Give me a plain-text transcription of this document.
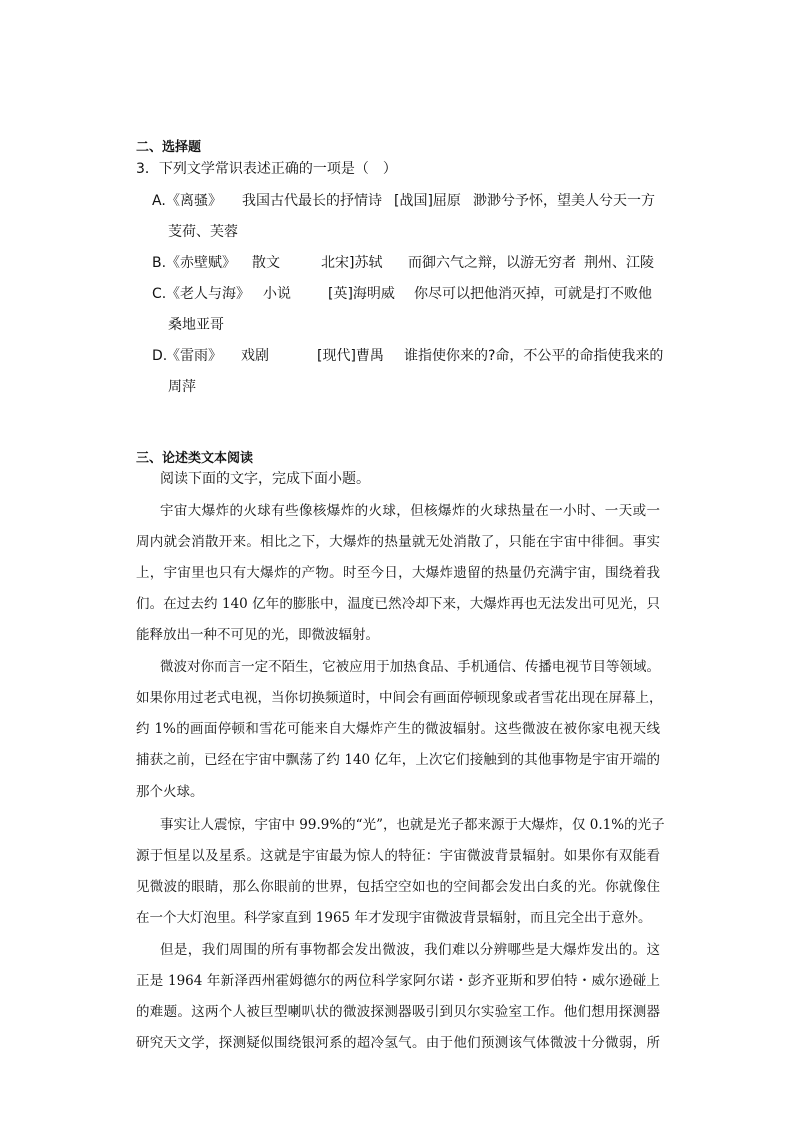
二、选择题
3．下列文学常识表述正确的一项是（　）
A. 《离骚》 我国古代最长的抒情诗 [战国]屈原 渺渺兮予怀，望美人兮天一方
芰荷、芙蓉
B. 《赤壁赋》 散文	北宋]苏轼 而御六气之辩，以游无穷者 荆州、江陵
C. 《老人与海》 小说	[英]海明威 你尽可以把他消灭掉，可就是打不败他
桑地亚哥
D.
《雷雨》 戏剧	[现代]曹禺 谁指使你来的?命，不公平的命指使我来的
周萍
三、论述类文本阅读
阅读下面的文字，完成下面小题。
宇宙大爆炸的火球有些像核爆炸的火球，但核爆炸的火球热量在一小时、一天或一
周内就会消散开来。相比之下，大爆炸的热量就无处消散了，只能在宇宙中徘徊。事实
上，宇宙里也只有大爆炸的产物。时至今日，大爆炸遗留的热量仍充满宇宙，围绕着我
们。在过去约 140 亿年的膨胀中，温度已然冷却下来，大爆炸再也无法发出可见光，只
能释放出一种不可见的光，即微波辐射。
微波对你而言一定不陌生，它被应用于加热食品、手机通信、传播电视节目等领域。
如果你用过老式电视，当你切换频道时，中间会有画面停顿现象或者雪花出现在屏幕上，
约 1%的画面停顿和雪花可能来自大爆炸产生的微波辐射。这些微波在被你家电视天线
捕获之前，已经在宇宙中飘荡了约 140 亿年，上次它们接触到的其他事物是宇宙开端的
那个火球。
事实让人震惊，宇宙中 99.9%的“光”，也就是光子都来源于大爆炸，仅 0.1%的光子
源于恒星以及星系。这就是宇宙最为惊人的特征：宇宙微波背景辐射。如果你有双能看
见微波的眼睛，那么你眼前的世界，包括空空如也的空间都会发出白炙的光。你就像住
在一个大灯泡里。科学家直到 1965 年才发现宇宙微波背景辐射，而且完全出于意外。
但是，我们周围的所有事物都会发出微波，我们难以分辨哪些是大爆炸发出的。这
正是 1964 年新泽西州霍姆德尔的两位科学家阿尔诺・彭齐亚斯和罗伯特・威尔逊碰上
的难题。这两个人被巨型喇叭状的微波探测器吸引到贝尔实验室工作。他们想用探测器
研究天文学，探测疑似围绕银河系的超冷氢气。由于他们预测该气体微波十分微弱，所
